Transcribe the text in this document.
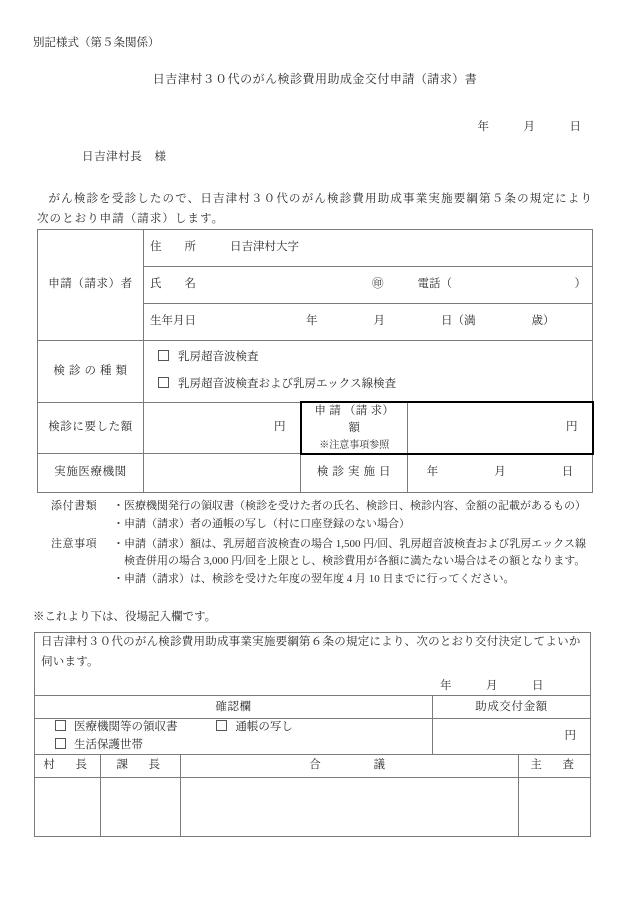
別記様式（第５条関係）
日吉津村３０代のがん検診費用助成金交付申請（請求）書

年	月	日

日吉津村長　様
がん検診を受診したので、日吉津村３０代のがん検診費用助成事業実施要綱第５条の規定により次のとおり申請（請求）します。
申請（請求）者	住　　所 日吉津村大字		
	氏　　名 ㊞ 電話（ ）		

	生年月日 年 月 日（満 歳）		
検 診 の 種 類	乳房超音波検査
乳房超音波検査および乳房エックス線検査		

検診に要した額	円	申 請 （請 求） 額
※注意事項参照	円
実施医療機関		検 診 実 施 日	年 月 日
添付書類	・医療機関発行の領収書（検診を受けた者の氏名、検診日、検診内容、金額の記載があるもの）

・申請（請求）者の通帳の写し（村に口座登録のない場合）

注意事項	・申請（請求）額は、乳房超音波検査の場合 1,500 円/回、乳房超音波検査および乳房エックス線

検査併用の場合 3,000 円/回を上限とし、検診費用が各額に満たない場合はその額となります。

・申請（請求）は、検診を受けた年度の翌年度 4 月 10 日までに行ってください。

※これより下は、役場記入欄です。
日吉津村３０代のがん検診費用助成事業実施要綱第６条の規定により、次のとおり交付決定してよいか伺います。
年 月 日				

確認欄			助成交付金額	
医療機関等の領収書 通帳の写し 生活保護世帯			円	
村　長	課　長	合　　　議		主　査
